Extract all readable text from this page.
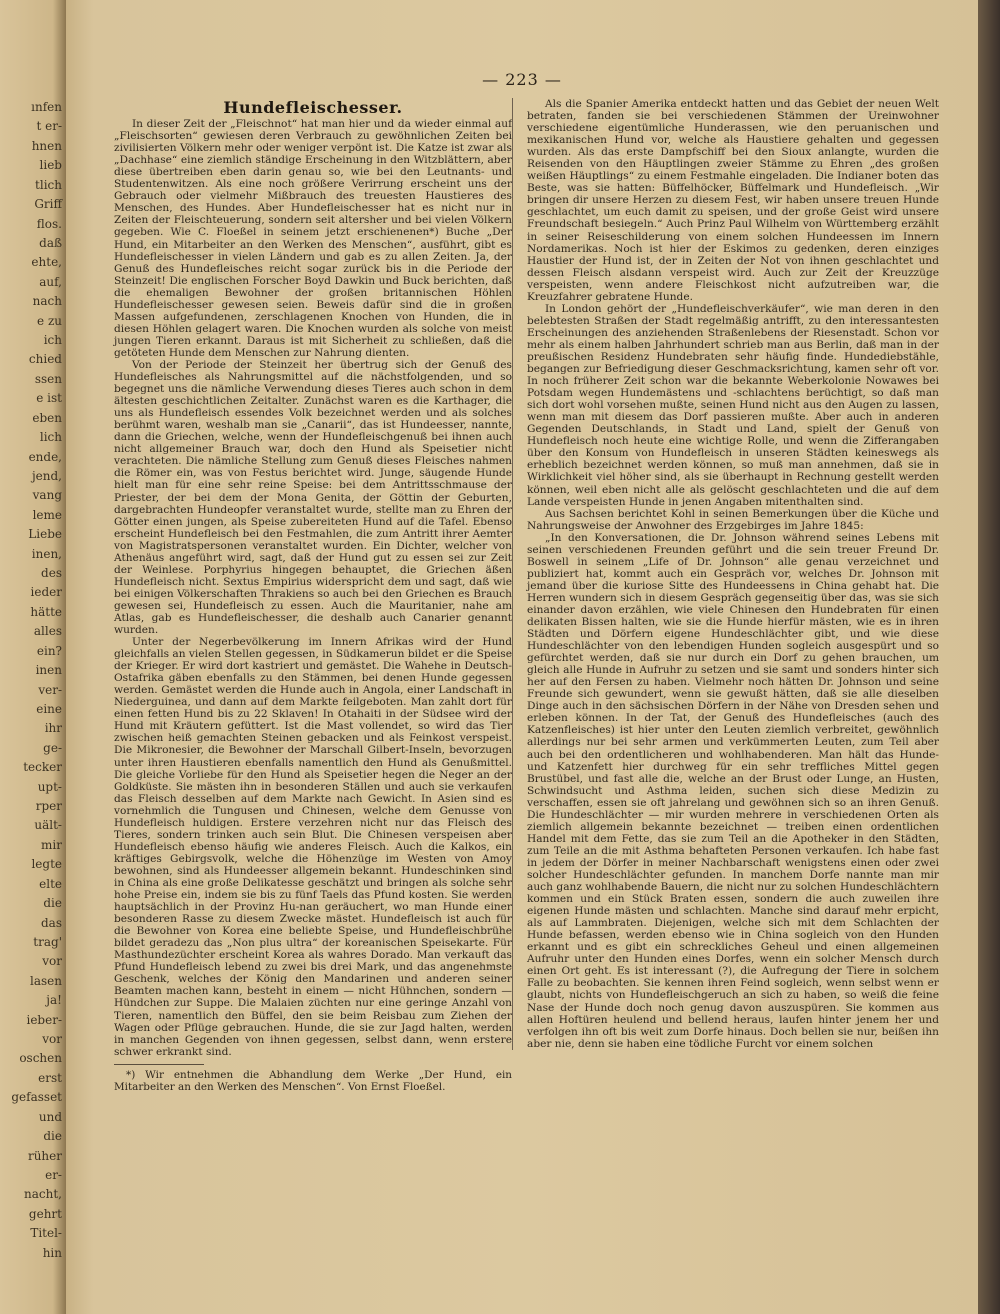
ınfen
t er-
hnen
lieb
tlich
Griff
flos.
daß
ehte,
auf,
nach
e zu
ich
chied
ssen
e ist
eben
lich
ende,
jend,
vang
leme
Liebe
inen,
des
ieder
hätte
alles
ein?
inen
ver-
eine
ihr
ge-
tecker
upt-
rper
uält-
mir
legte
elte
die
das
trag'
vor
lasen
ja!
ieber-
vor
oschen
erst
gefasset
und
die
rüher
er-
nacht,
gehrt
Titel-
hin
— 223 —
Hundefleischesser.

In dieser Zeit der „Fleischnot“ hat man hier und da wieder einmal auf „Fleischsorten“ gewiesen deren Verbrauch zu gewöhnlichen Zeiten bei zivilisierten Völkern mehr oder weniger verpönt ist. Die Katze ist zwar als „Dachhase“ eine ziemlich ständige Erscheinung in den Witzblättern, aber diese übertreiben eben darin genau so, wie bei den Leutnants- und Studentenwitzen. Als eine noch größere Verirrung erscheint uns der Gebrauch oder vielmehr Mißbrauch des treuesten Haustieres des Menschen, des Hundes. Aber Hundefleischesser hat es nicht nur in Zeiten der Fleischteuerung, sondern seit altersher und bei vielen Völkern gegeben. Wie C. Floeßel in seinem jetzt erschienenen*) Buche „Der Hund, ein Mitarbeiter an den Werken des Menschen“, ausführt, gibt es Hundefleischesser in vielen Ländern und gab es zu allen Zeiten. Ja, der Genuß des Hundefleisches reicht sogar zurück bis in die Periode der Steinzeit! Die englischen Forscher Boyd Dawkin und Buck berichten, daß die ehemaligen Bewohner der großen britannischen Höhlen Hundefleischesser gewesen seien. Beweis dafür sind die in großen Massen aufgefundenen, zerschlagenen Knochen von Hunden, die in diesen Höhlen gelagert waren. Die Knochen wurden als solche von meist jungen Tieren erkannt. Daraus ist mit Sicherheit zu schließen, daß die getöteten Hunde dem Menschen zur Nahrung dienten.

Von der Periode der Steinzeit her übertrug sich der Genuß des Hundefleisches als Nahrungsmittel auf die nächstfolgenden, und so begegnet uns die nämliche Verwendung dieses Tieres auch schon in dem ältesten geschichtlichen Zeitalter. Zunächst waren es die Karthager, die uns als Hundefleisch essendes Volk bezeichnet werden und als solches berühmt waren, weshalb man sie „Canarii“, das ist Hundeesser, nannte, dann die Griechen, welche, wenn der Hundefleischgenuß bei ihnen auch nicht allgemeiner Brauch war, doch den Hund als Speisetier nicht verachteten. Die nämliche Stellung zum Genuß dieses Fleisches nahmen die Römer ein, was von Festus berichtet wird. Junge, säugende Hunde hielt man für eine sehr reine Speise: bei dem Antrittsschmause der Priester, der bei dem der Mona Genita, der Göttin der Geburten, dargebrachten Hundeopfer veranstaltet wurde, stellte man zu Ehren der Götter einen jungen, als Speise zubereiteten Hund auf die Tafel. Ebenso erscheint Hundefleisch bei den Festmahlen, die zum Antritt ihrer Aemter von Magistratspersonen veranstaltet wurden. Ein Dichter, welcher von Athenäus angeführt wird, sagt, daß der Hund gut zu essen sei zur Zeit der Weinlese. Porphyrius hingegen behauptet, die Griechen äßen Hundefleisch nicht. Sextus Empirius widerspricht dem und sagt, daß wie bei einigen Völkerschaften Thrakiens so auch bei den Griechen es Brauch gewesen sei, Hundefleisch zu essen. Auch die Mauritanier, nahe am Atlas, gab es Hundefleischesser, die deshalb auch Canarier genannt wurden.

Unter der Negerbevölkerung im Innern Afrikas wird der Hund gleichfalls an vielen Stellen gegessen, in Südkamerun bildet er die Speise der Krieger. Er wird dort kastriert und gemästet. Die Wahehe in Deutsch-Ostafrika gäben ebenfalls zu den Stämmen, bei denen Hunde gegessen werden. Gemästet werden die Hunde auch in Angola, einer Landschaft in Niederguinea, und dann auf dem Markte feilgeboten. Man zahlt dort für einen fetten Hund bis zu 22 Sklaven! In Otahaiti in der Südsee wird der Hund mit Kräutern gefüttert. Ist die Mast vollendet, so wird das Tier zwischen heiß gemachten Steinen gebacken und als Feinkost verspeist. Die Mikronesier, die Bewohner der Marschall Gilbert-Inseln, bevorzugen unter ihren Haustieren ebenfalls namentlich den Hund als Genußmittel. Die gleiche Vorliebe für den Hund als Speisetier hegen die Neger an der Goldküste. Sie mästen ihn in besonderen Ställen und auch sie verkaufen das Fleisch desselben auf dem Markte nach Gewicht. In Asien sind es vornehmlich die Tungusen und Chinesen, welche dem Genusse von Hundefleisch huldigen. Erstere verzehren nicht nur das Fleisch des Tieres, sondern trinken auch sein Blut. Die Chinesen verspeisen aber Hundefleisch ebenso häufig wie anderes Fleisch. Auch die Kalkos, ein kräftiges Gebirgsvolk, welche die Höhenzüge im Westen von Amoy bewohnen, sind als Hundeesser allgemein bekannt. Hundeschinken sind in China als eine große Delikatesse geschätzt und bringen als solche sehr hohe Preise ein, indem sie bis zu fünf Taels das Pfund kosten. Sie werden hauptsächlich in der Provinz Hu-nan geräuchert, wo man Hunde einer besonderen Rasse zu diesem Zwecke mästet. Hundefleisch ist auch für die Bewohner von Korea eine beliebte Speise, und Hundefleischbrühe bildet geradezu das „Non plus ultra“ der koreanischen Speisekarte. Für Masthundezüchter erscheint Korea als wahres Dorado. Man verkauft das Pfund Hundefleisch lebend zu zwei bis drei Mark, und das angenehmste Geschenk, welches der König den Mandarinen und anderen seiner Beamten machen kann, besteht in einem — nicht Hühnchen, sondern — Hündchen zur Suppe. Die Malaien züchten nur eine geringe Anzahl von Tieren, namentlich den Büffel, den sie beim Reisbau zum Ziehen der Wagen oder Pflüge gebrauchen. Hunde, die sie zur Jagd halten, werden in manchen Gegenden von ihnen gegessen, selbst dann, wenn erstere schwer erkrankt sind.

*) Wir entnehmen die Abhandlung dem Werke „Der Hund, ein Mitarbeiter an den Werken des Menschen“. Von Ernst Floeßel.

Als die Spanier Amerika entdeckt hatten und das Gebiet der neuen Welt betraten, fanden sie bei verschiedenen Stämmen der Ureinwohner verschiedene eigentümliche Hunderassen, wie den peruanischen und mexikanischen Hund vor, welche als Haustiere gehalten und gegessen wurden. Als das erste Dampfschiff bei den Sioux anlangte, wurden die Reisenden von den Häuptlingen zweier Stämme zu Ehren „des großen weißen Häuptlings“ zu einem Festmahle eingeladen. Die Indianer boten das Beste, was sie hatten: Büffelhöcker, Büffelmark und Hundefleisch. „Wir bringen dir unsere Herzen zu diesem Fest, wir haben unsere treuen Hunde geschlachtet, um euch damit zu speisen, und der große Geist wird unsere Freundschaft besiegeln.“ Auch Prinz Paul Wilhelm von Württemberg erzählt in seiner Reiseschilderung von einem solchen Hundeessen im Innern Nordamerikas. Noch ist hier der Eskimos zu gedenken, deren einziges Haustier der Hund ist, der in Zeiten der Not von ihnen geschlachtet und dessen Fleisch alsdann verspeist wird. Auch zur Zeit der Kreuzzüge verspeisten, wenn andere Fleischkost nicht aufzutreiben war, die Kreuzfahrer gebratene Hunde.

In London gehört der „Hundefleischverkäufer“, wie man deren in den belebtesten Straßen der Stadt regelmäßig antrifft, zu den interessantesten Erscheinungen des anziehenden Straßenlebens der Riesenstadt. Schon vor mehr als einem halben Jahrhundert schrieb man aus Berlin, daß man in der preußischen Residenz Hundebraten sehr häufig finde. Hundediebstähle, begangen zur Befriedigung dieser Geschmacksrichtung, kamen sehr oft vor. In noch früherer Zeit schon war die bekannte Weberkolonie Nowawes bei Potsdam wegen Hundemästens und -schlachtens berüchtigt, so daß man sich dort wohl vorsehen mußte, seinen Hund nicht aus den Augen zu lassen, wenn man mit diesem das Dorf passieren mußte. Aber auch in anderen Gegenden Deutschlands, in Stadt und Land, spielt der Genuß von Hundefleisch noch heute eine wichtige Rolle, und wenn die Zifferangaben über den Konsum von Hundefleisch in unseren Städten keineswegs als erheblich bezeichnet werden können, so muß man annehmen, daß sie in Wirklichkeit viel höher sind, als sie überhaupt in Rechnung gestellt werden können, weil eben nicht alle als gelöscht geschlachteten und die auf dem Lande verspeisten Hunde in jenen Angaben mitenthalten sind.

Aus Sachsen berichtet Kohl in seinen Bemerkungen über die Küche und Nahrungsweise der Anwohner des Erzgebirges im Jahre 1845:

„In den Konversationen, die Dr. Johnson während seines Lebens mit seinen verschiedenen Freunden geführt und die sein treuer Freund Dr. Boswell in seinem „Life of Dr. Johnson“ alle genau verzeichnet und publiziert hat, kommt auch ein Gespräch vor, welches Dr. Johnson mit jemand über die kuriose Sitte des Hundeessens in China gehabt hat. Die Herren wundern sich in diesem Gespräch gegenseitig über das, was sie sich einander davon erzählen, wie viele Chinesen den Hundebraten für einen delikaten Bissen halten, wie sie die Hunde hierfür mästen, wie es in ihren Städten und Dörfern eigene Hundeschlächter gibt, und wie diese Hundeschlächter von den lebendigen Hunden sogleich ausgespürt und so gefürchtet werden, daß sie nur durch ein Dorf zu gehen brauchen, um gleich alle Hunde in Aufruhr zu setzen und sie samt und sonders hinter sich her auf den Fersen zu haben. Vielmehr noch hätten Dr. Johnson und seine Freunde sich gewundert, wenn sie gewußt hätten, daß sie alle dieselben Dinge auch in den sächsischen Dörfern in der Nähe von Dresden sehen und erleben können. In der Tat, der Genuß des Hundefleisches (auch des Katzenfleisches) ist hier unter den Leuten ziemlich verbreitet, gewöhnlich allerdings nur bei sehr armen und verkümmerten Leuten, zum Teil aber auch bei den ordentlicheren und wohlhabenderen. Man hält das Hunde- und Katzenfett hier durchweg für ein sehr treffliches Mittel gegen Brustübel, und fast alle die, welche an der Brust oder Lunge, an Husten, Schwindsucht und Asthma leiden, suchen sich diese Medizin zu verschaffen, essen sie oft jahrelang und gewöhnen sich so an ihren Genuß. Die Hundeschlächter — mir wurden mehrere in verschiedenen Orten als ziemlich allgemein bekannte bezeichnet — treiben einen ordentlichen Handel mit dem Fette, das sie zum Teil an die Apotheker in den Städten, zum Teile an die mit Asthma behafteten Personen verkaufen. Ich habe fast in jedem der Dörfer in meiner Nachbarschaft wenigstens einen oder zwei solcher Hundeschlächter gefunden. In manchem Dorfe nannte man mir auch ganz wohlhabende Bauern, die nicht nur zu solchen Hundeschlächtern kommen und ein Stück Braten essen, sondern die auch zuweilen ihre eigenen Hunde mästen und schlachten. Manche sind darauf mehr erpicht, als auf Lammbraten. Diejenigen, welche sich mit dem Schlachten der Hunde befassen, werden ebenso wie in China sogleich von den Hunden erkannt und es gibt ein schreckliches Geheul und einen allgemeinen Aufruhr unter den Hunden eines Dorfes, wenn ein solcher Mensch durch einen Ort geht. Es ist interessant (?), die Aufregung der Tiere in solchem Falle zu beobachten. Sie kennen ihren Feind sogleich, wenn selbst wenn er glaubt, nichts von Hundefleischgeruch an sich zu haben, so weiß die feine Nase der Hunde doch noch genug davon auszuspüren. Sie kommen aus allen Hoftüren heulend und bellend heraus, laufen hinter jenem her und verfolgen ihn oft bis weit zum Dorfe hinaus. Doch bellen sie nur, beißen ihn aber nie, denn sie haben eine tödliche Furcht vor einem solchen
